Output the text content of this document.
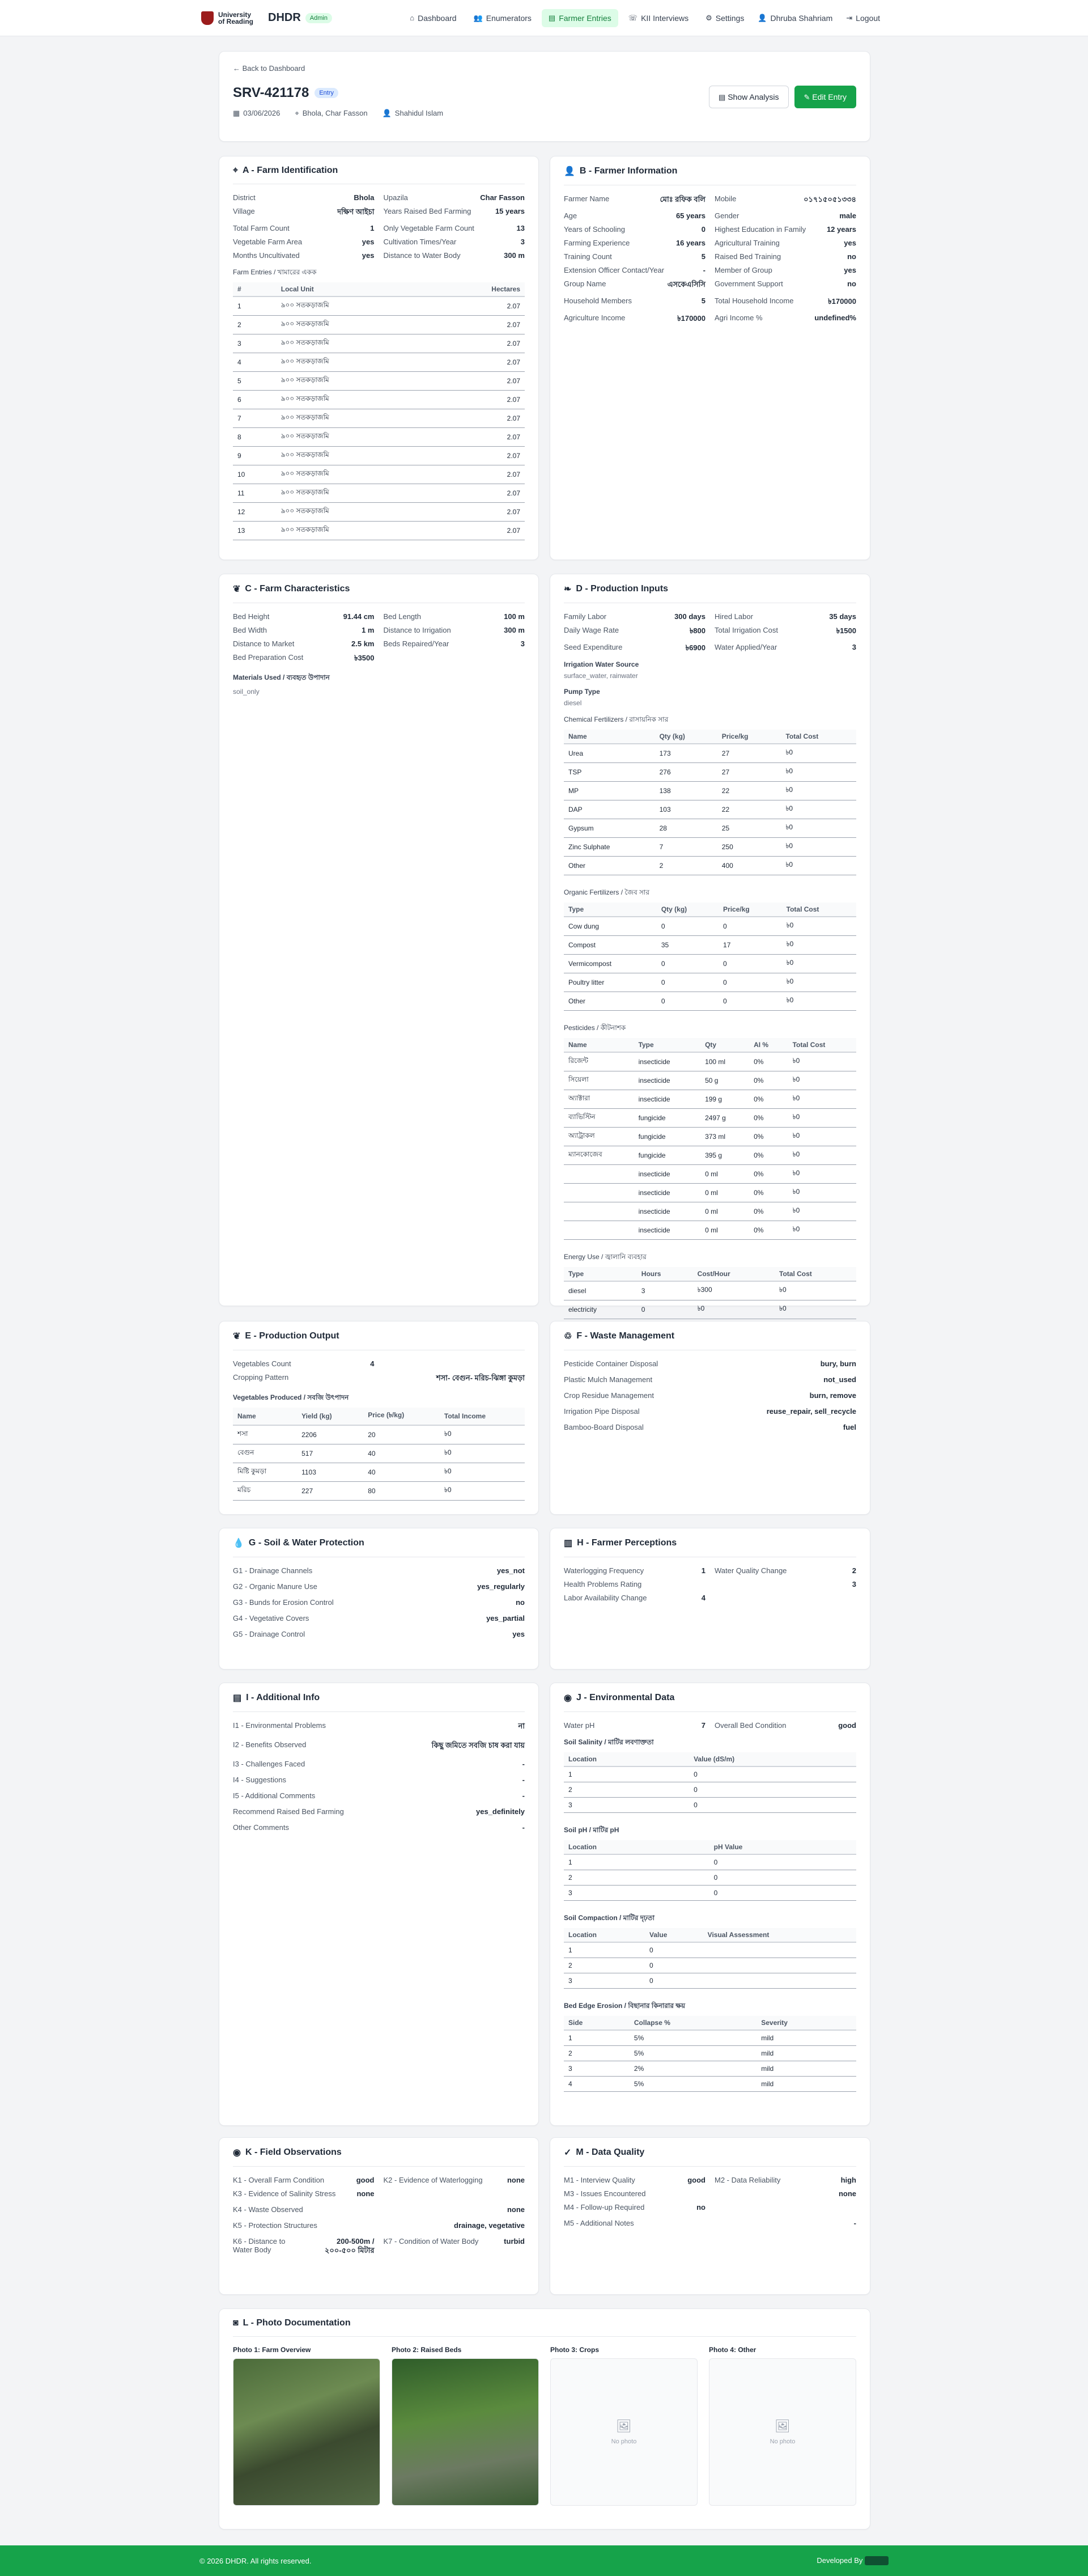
University of Reading	DHDR	Admin	⌂ Dashboard 👥 Enumerators ▤ Farmer Entries ☏ KII Interviews ⚙ Settings 👤 Dhruba Shahriam ⇥ Logout
← Back to Dashboard
SRV-421178	Entry
▦ 03/06/2026 ⌖ Bhola, Char Fasson 👤 Shahidul Islam
▤ Show Analysis	✎ Edit Entry
⌖ A - Farm Identification
District	Bhola Upazila	Char Fasson
Village	দক্ষিণ আইচা Years Raised Bed Farming	15 years
Total Farm Count	1 Only Vegetable Farm Count	13
Vegetable Farm Area	yes Cultivation Times/Year	3
Months Uncultivated	yes Distance to Water Body	300 m
Farm Entries / খামারের একক
#	Local Unit	Hectares
1	৯০০ সতকড়াজমি	2.07
2	৯০০ সতকড়াজমি	2.07
3	৯০০ সতকড়াজমি	2.07
4	৯০০ সতকড়াজমি	2.07
5	৯০০ সতকড়াজমি	2.07
6	৯০০ সতকড়াজমি	2.07
7	৯০০ সতকড়াজমি	2.07
8	৯০০ সতকড়াজমি	2.07
9	৯০০ সতকড়াজমি	2.07
10	৯০০ সতকড়াজমি	2.07
11	৯০০ সতকড়াজমি	2.07
12	৯০০ সতকড়াজমি	2.07
13	৯০০ সতকড়াজমি	2.07
👤 B - Farmer Information
Farmer Name	মোঃ রফিক বলি Mobile	০১৭১৫০৫১৩৩৪
Age	65 years Gender	male
Years of Schooling	0 Highest Education in Family	12 years
Farming Experience	16 years Agricultural Training	yes
Training Count	5 Raised Bed Training	no
Extension Officer Contact/Year	- Member of Group	yes
Group Name	এসকেএসিসি Government Support	no
Household Members	5 Total Household Income	৳170000
Agriculture Income	৳170000 Agri Income %	undefined%
❦ C - Farm Characteristics
Bed Height	91.44 cm Bed Length	100 m
Bed Width	1 m Distance to Irrigation	300 m
Distance to Market	2.5 km Beds Repaired/Year	3
Bed Preparation Cost	৳3500
Materials Used / ব্যবহৃত উপাদান
soil_only
❧ D - Production Inputs
Family Labor	300 days Hired Labor	35 days
Daily Wage Rate	৳800 Total Irrigation Cost	৳1500
Seed Expenditure	৳6900 Water Applied/Year	3
Irrigation Water Source
surface_water, rainwater
Pump Type
diesel
Chemical Fertilizers / রাসায়নিক সার
Name	Qty (kg)	Price/kg	Total Cost
Urea	173	27	৳0
TSP	276	27	৳0
MP	138	22	৳0
DAP	103	22	৳0
Gypsum	28	25	৳0
Zinc Sulphate	7	250	৳0
Other	2	400	৳0
Organic Fertilizers / জৈব সার
Type	Qty (kg)	Price/kg	Total Cost
Cow dung	0	0	৳0
Compost	35	17	৳0
Vermicompost	0	0	৳0
Poultry litter	0	0	৳0
Other	0	0	৳0
Pesticides / কীটনাশক
Name	Type	Qty	AI %	Total Cost
রিজেন্ট	insecticide	100 ml	0%	৳0
সিয়েলা	insecticide	50 g	0%	৳0
অ্যাক্টারা	insecticide	199 g	0%	৳0
ব্যাভিস্টিন	fungicide	2497 g	0%	৳0
অ্যাট্রাকল	fungicide	373 ml	0%	৳0
ম্যানকোজেব	fungicide	395 g	0%	৳0
	insecticide	0 ml	0%	৳0
	insecticide	0 ml	0%	৳0
	insecticide	0 ml	0%	৳0
	insecticide	0 ml	0%	৳0
Energy Use / জ্বালানি ব্যবহার
Type	Hours	Cost/Hour	Total Cost
diesel	3	৳300	৳0
electricity	0	৳0	৳0

❦ E - Production Output
Vegetables Count	4
Cropping Pattern	শসা- বেগুন- মরিচ-ঝিঙ্গা কুমড়া
Vegetables Produced / সবজি উৎপাদন
Name	Yield (kg)	Price (৳/kg)	Total Income
শসা	2206	20	৳0
বেগুন	517	40	৳0
মিষ্টি কুমড়া	1103	40	৳0
মরিচ	227	80	৳0
♲ F - Waste Management
Pesticide Container Disposal	bury, burn
Plastic Mulch Management	not_used
Crop Residue Management	burn, remove
Irrigation Pipe Disposal	reuse_repair, sell_recycle
Bamboo-Board Disposal	fuel
💧 G - Soil & Water Protection
G1 - Drainage Channels	yes_not
G2 - Organic Manure Use	yes_regularly
G3 - Bunds for Erosion Control	no
G4 - Vegetative Covers	yes_partial
G5 - Drainage Control	yes
▥ H - Farmer Perceptions
Waterlogging Frequency	1 Water Quality Change	2
Health Problems Rating	3
Labor Availability Change	4
▤ I - Additional Info
I1 - Environmental Problems	না
I2 - Benefits Observed	কিছু জমিতে সবজি চাষ করা যায়
I3 - Challenges Faced	-
I4 - Suggestions	-
I5 - Additional Comments	-
Recommend Raised Bed Farming	yes_definitely
Other Comments	-
◉ J - Environmental Data
Water pH	7 Overall Bed Condition	good
Soil Salinity / মাটির লবণাক্ততা
Location	Value (dS/m)
1	0
2	0
3	0
Soil pH / মাটির pH
Location	pH Value
1	0
2	0
3	0
Soil Compaction / মাটির দৃঢ়তা
Location	Value	Visual Assessment
1	0	
2	0	
3	0	
Bed Edge Erosion / বিছানার কিনারার ক্ষয়
Side	Collapse %	Severity
1	5%	mild
2	5%	mild
3	2%	mild
4	5%	mild
◉ K - Field Observations
K1 - Overall Farm Condition	good K2 - Evidence of Waterlogging	none
K3 - Evidence of Salinity Stress	none
K4 - Waste Observed	none
K5 - Protection Structures	drainage, vegetative
K6 - Distance to Water Body
200-500m / ২০০-৫০০ মিটার
K7 - Condition of Water Body	turbid
✓ M - Data Quality
M1 - Interview Quality	good M2 - Data Reliability	high
M3 - Issues Encountered	none
M4 - Follow-up Required	no
M5 - Additional Notes	-
◙ L - Photo Documentation
Photo 1: Farm Overview	Photo 2: Raised Beds	Photo 3: Crops
🖼
No photo
Photo 4: Other
🖼
No photo
© 2026 DHDR. All rights reserved.	Developed By
